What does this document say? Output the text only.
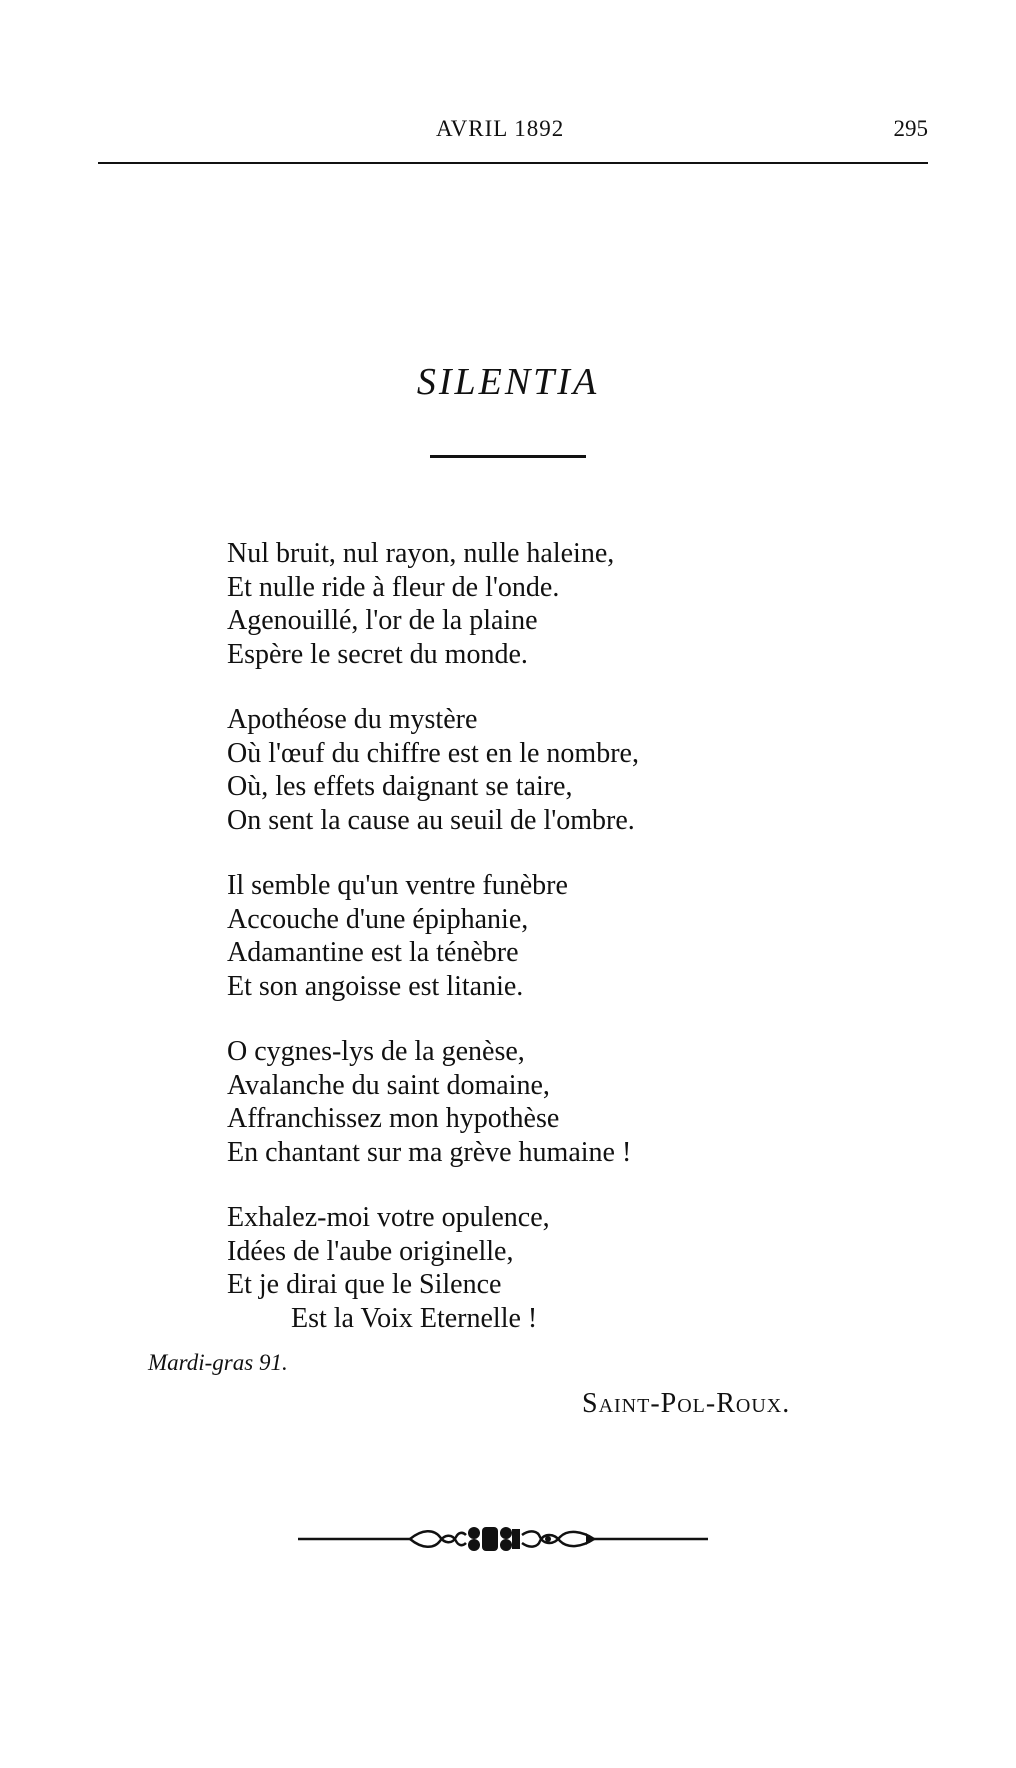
AVRIL 1892	295
SILENTIA
Nul bruit, nul rayon, nulle haleine,
Et nulle ride à fleur de l'onde.
Agenouillé, l'or de la plaine
Espère le secret du monde.
Apothéose du mystère
Où l'œuf du chiffre est en le nombre,
Où, les effets daignant se taire,
On sent la cause au seuil de l'ombre.
Il semble qu'un ventre funèbre
Accouche d'une épiphanie,
Adamantine est la ténèbre
Et son angoisse est litanie.
O cygnes-lys de la genèse,
Avalanche du saint domaine,
Affranchissez mon hypothèse
En chantant sur ma grève humaine !
Exhalez-moi votre opulence,
Idées de l'aube originelle,
Et je dirai que le Silence
Est la Voix Eternelle !
Mardi-gras 91.
Saint-Pol-Roux.
